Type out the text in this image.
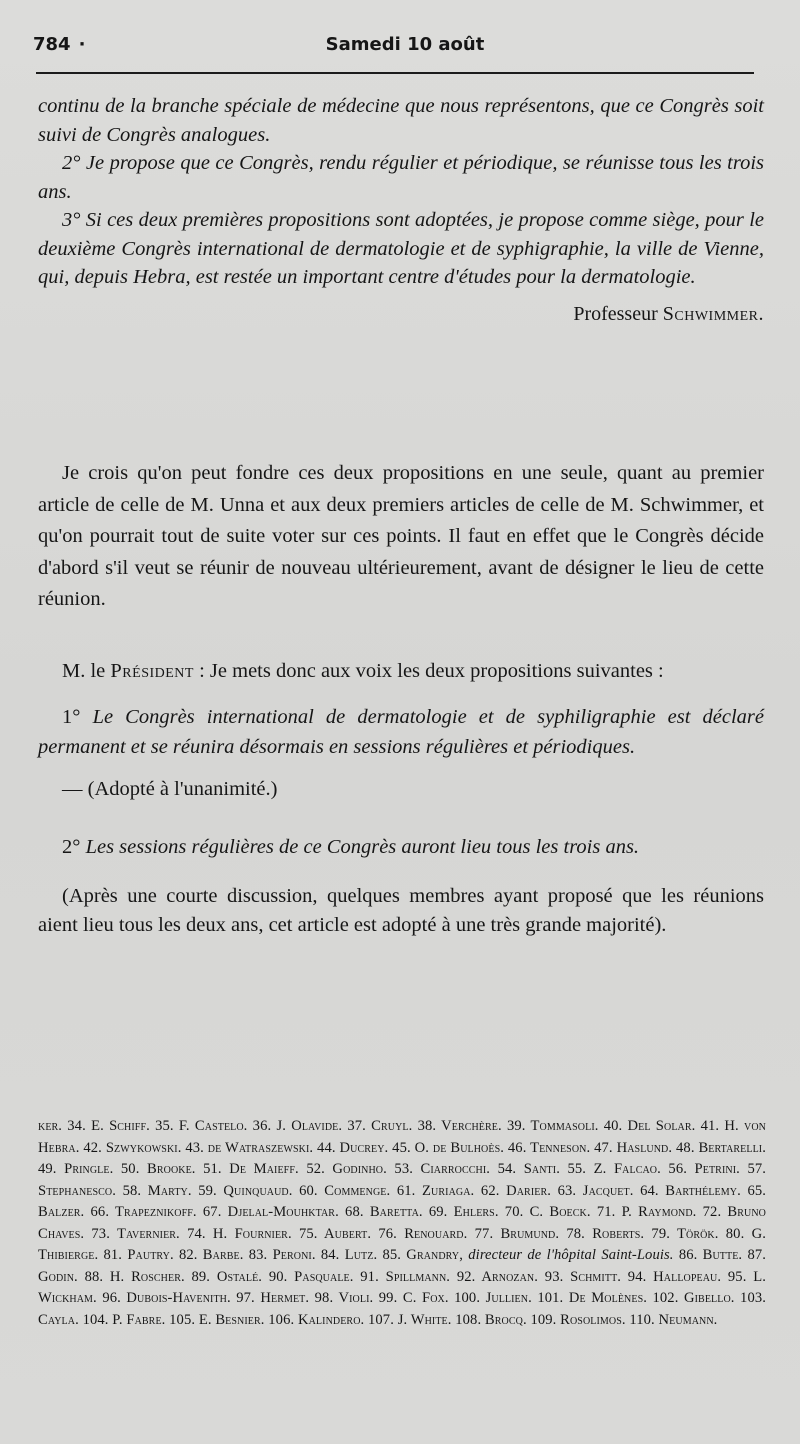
784 ·	Samedi 10 août

continu de la branche spéciale de médecine que nous représentons, que ce Congrès soit suivi de Congrès analogues.

2° Je propose que ce Congrès, rendu régulier et périodique, se réunisse tous les trois ans.

3° Si ces deux premières propositions sont adoptées, je propose comme siège, pour le deuxième Congrès international de dermatologie et de syphigraphie, la ville de Vienne, qui, depuis Hebra, est restée un important centre d'études pour la dermatologie.

Professeur Schwimmer.

Je crois qu'on peut fondre ces deux propositions en une seule, quant au premier article de celle de M. Unna et aux deux premiers articles de celle de M. Schwimmer, et qu'on pourrait tout de suite voter sur ces points. Il faut en effet que le Congrès décide d'abord s'il veut se réunir de nouveau ultérieurement, avant de désigner le lieu de cette réunion.

M. le Président : Je mets donc aux voix les deux propositions suivantes :

1° Le Congrès international de dermatologie et de syphiligraphie est déclaré permanent et se réunira désormais en sessions régulières et périodiques.

— (Adopté à l'unanimité.)

2° Les sessions régulières de ce Congrès auront lieu tous les trois ans.

(Après une courte discussion, quelques membres ayant proposé que les réunions aient lieu tous les deux ans, cet article est adopté à une très grande majorité).

ker. 34. E. Schiff. 35. F. Castelo. 36. J. Olavide. 37. Cruyl. 38. Verchère. 39. Tommasoli. 40. Del Solar. 41. H. von Hebra. 42. Szwykowski. 43. de Watraszewski. 44. Ducrey. 45. O. de Bulhoès. 46. Tenneson. 47. Haslund. 48. Bertarelli. 49. Pringle. 50. Brooke. 51. De Maieff. 52. Godinho. 53. Ciarrocchi. 54. Santi. 55. Z. Falcao. 56. Petrini. 57. Stephanesco. 58. Marty. 59. Quinquaud. 60. Commenge. 61. Zuriaga. 62. Darier. 63. Jacquet. 64. Barthélemy. 65. Balzer. 66. Trapeznikoff. 67. Djelal-Mouhktar. 68. Baretta. 69. Ehlers. 70. C. Boeck. 71. P. Raymond. 72. Bruno Chaves. 73. Tavernier. 74. H. Fournier. 75. Aubert. 76. Renouard. 77. Brumund. 78. Roberts. 79. Török. 80. G. Thibierge. 81. Pautry. 82. Barbe. 83. Peroni. 84. Lutz. 85. Grandry, directeur de l'hôpital Saint-Louis. 86. Butte. 87. Godin. 88. H. Roscher. 89. Ostalé. 90. Pasquale. 91. Spillmann. 92. Arnozan. 93. Schmitt. 94. Hallopeau. 95. L. Wickham. 96. Dubois-Havenith. 97. Hermet. 98. Violi. 99. C. Fox. 100. Jullien. 101. De Molènes. 102. Gibello. 103. Cayla. 104. P. Fabre. 105. E. Besnier. 106. Kalindero. 107. J. White. 108. Brocq. 109. Rosolimos. 110. Neumann.
